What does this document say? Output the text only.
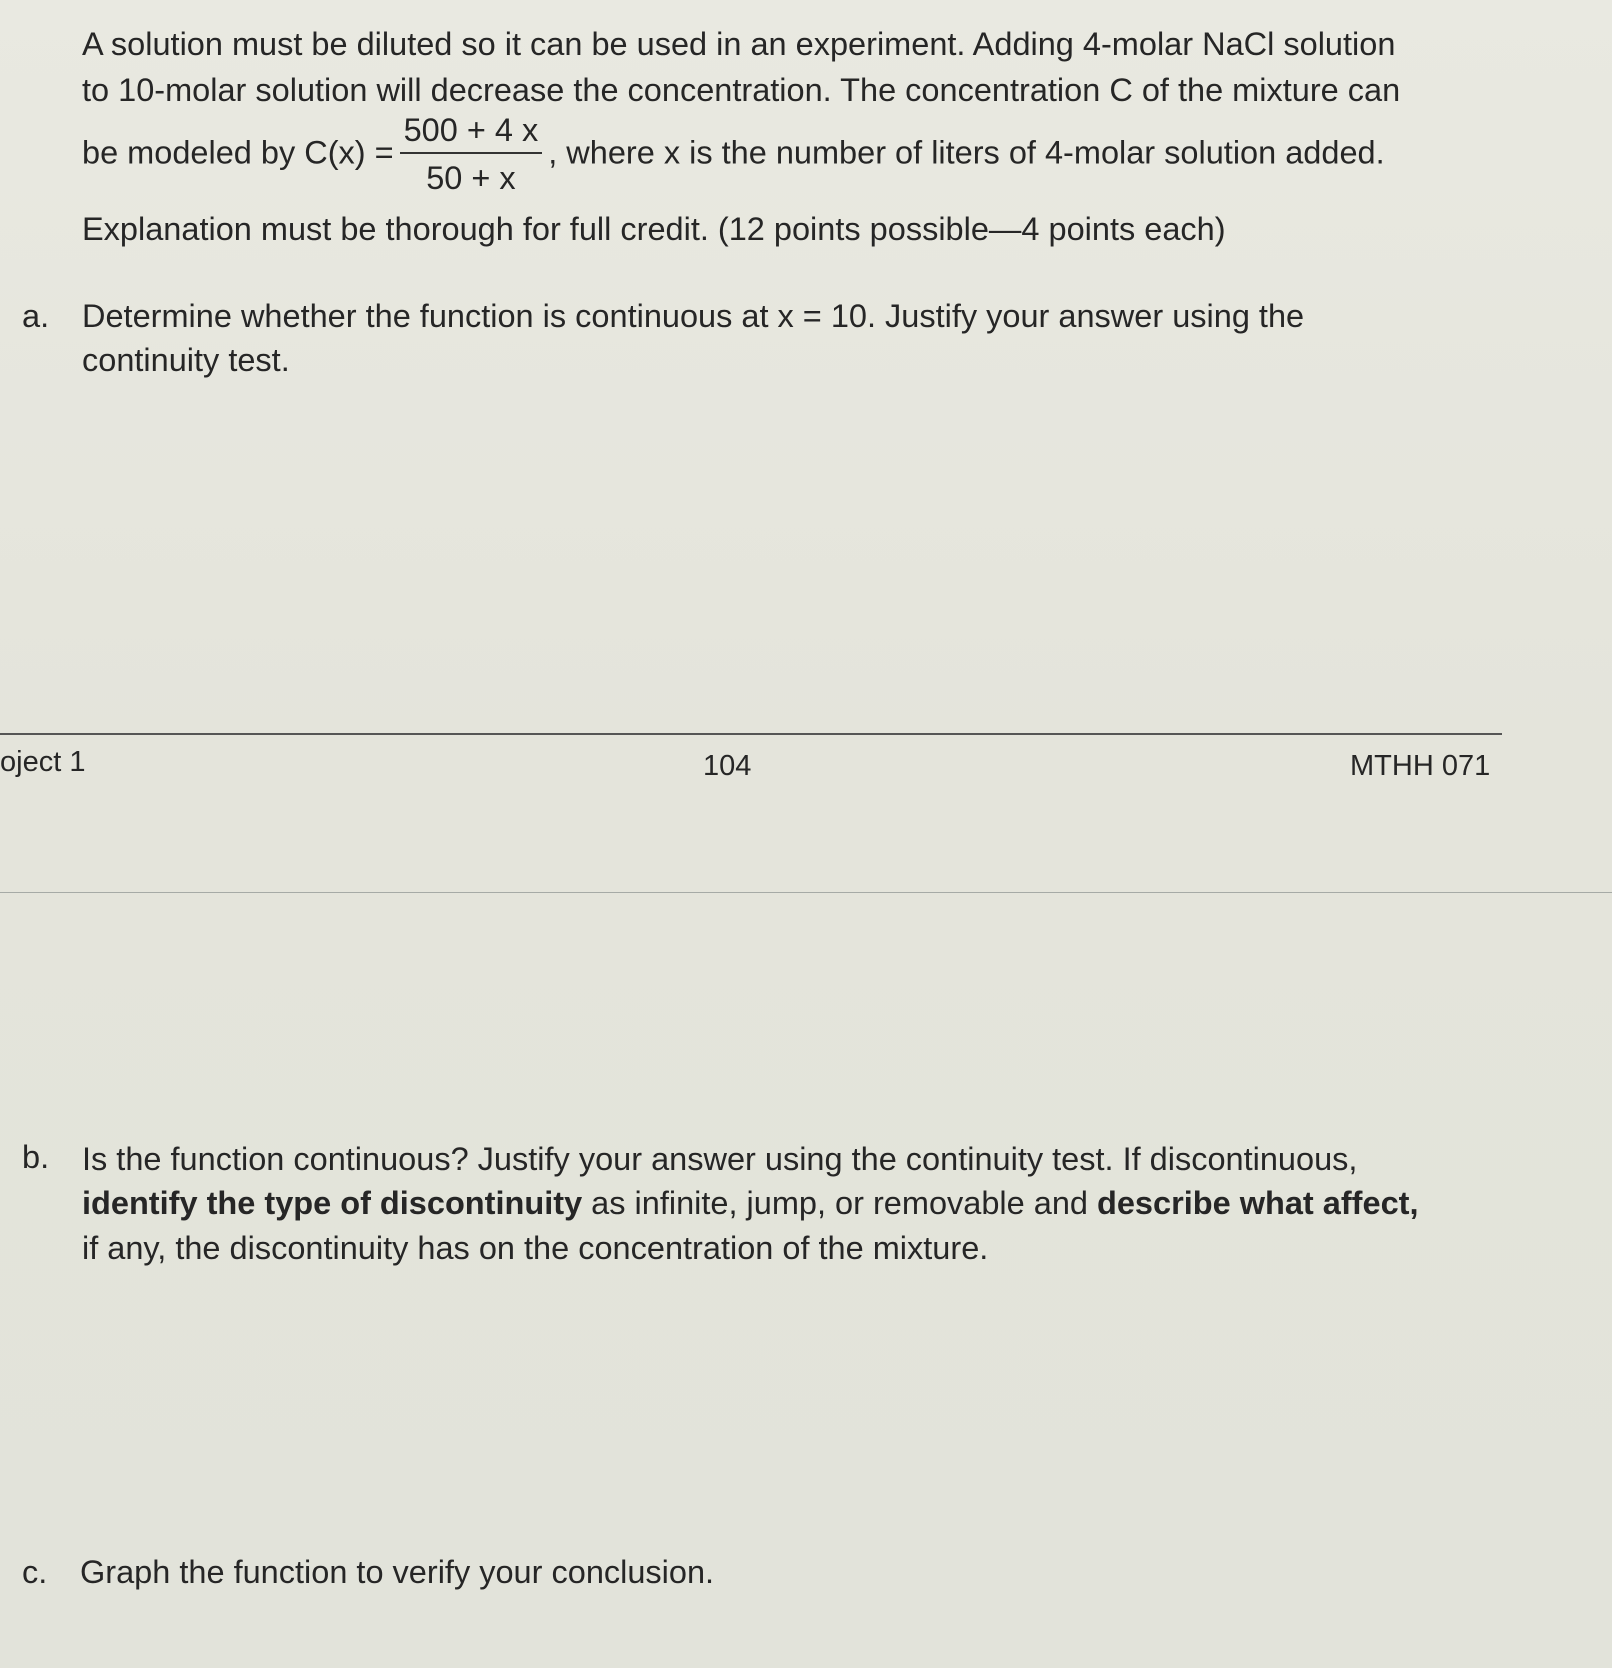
A solution must be diluted so it can be used in an experiment. Adding 4-molar NaCl solution
to 10-molar solution will decrease the concentration. The concentration C of the mixture can
be modeled by $C(x) = \frac{500 + 4 x}{50 + x}$ , where x is the number of liters of 4-molar solution added.
Explanation must be thorough for full credit. (12 points possible—4 points each)
a. Determine whether the function is continuous at x = 10. Justify your answer using the
continuity test.
oject 1	104	MTHH 071
b. Is the function continuous? Justify your answer using the continuity test. If discontinuous,
identify the type of discontinuity as infinite, jump, or removable and describe what affect,
if any, the discontinuity has on the concentration of the mixture.
c. Graph the function to verify your conclusion.
